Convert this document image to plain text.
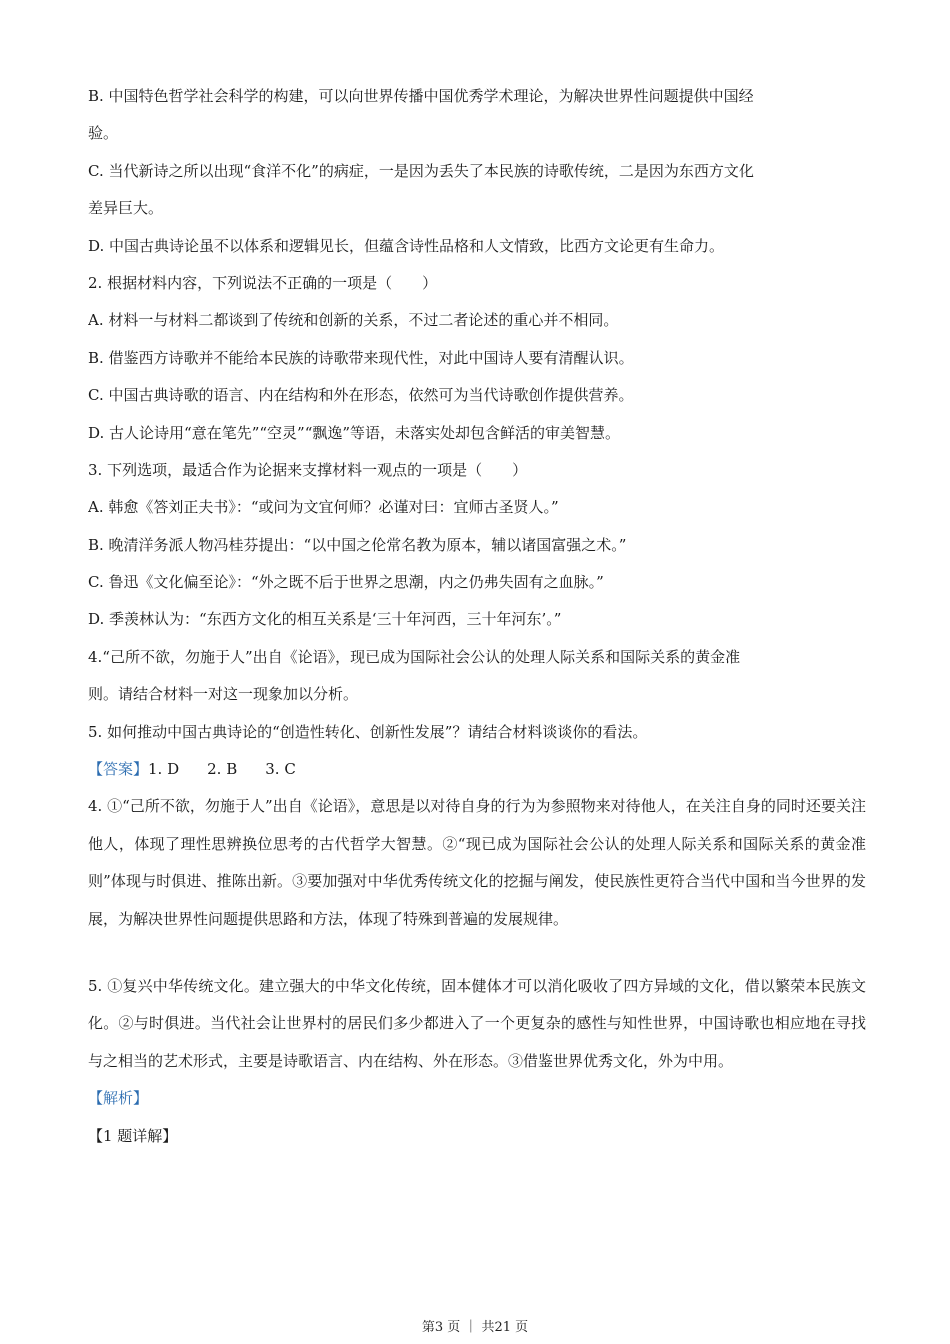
B. 中国特色哲学社会科学的构建，可以向世界传播中国优秀学术理论，为解决世界性问题提供中国经
验。
C. 当代新诗之所以出现“食洋不化”的病症，一是因为丢失了本民族的诗歌传统，二是因为东西方文化
差异巨大。
D. 中国古典诗论虽不以体系和逻辑见长，但蕴含诗性品格和人文情致，比西方文论更有生命力。
2. 根据材料内容，下列说法不正确的一项是（　　）
A. 材料一与材料二都谈到了传统和创新的关系，不过二者论述的重心并不相同。
B. 借鉴西方诗歌并不能给本民族的诗歌带来现代性，对此中国诗人要有清醒认识。
C. 中国古典诗歌的语言、内在结构和外在形态，依然可为当代诗歌创作提供营养。
D. 古人论诗用“意在笔先”“空灵”“飘逸”等语，未落实处却包含鲜活的审美智慧。
3. 下列选项，最适合作为论据来支撑材料一观点的一项是（　　）
A. 韩愈《答刘正夫书》：“或问为文宜何师？必谨对曰：宜师古圣贤人。”
B. 晚清洋务派人物冯桂芬提出：“以中国之伦常名教为原本，辅以诸国富强之术。”
C. 鲁迅《文化偏至论》：“外之既不后于世界之思潮，内之仍弗失固有之血脉。”
D. 季羡林认为：“东西方文化的相互关系是‘三十年河西，三十年河东’。”
4.“己所不欲，勿施于人”出自《论语》，现已成为国际社会公认的处理人际关系和国际关系的黄金准
则。请结合材料一对这一现象加以分析。
5. 如何推动中国古典诗论的“创造性转化、创新性发展”？请结合材料谈谈你的看法。
【答案】1. D 2. B 3. C

4. ①“己所不欲，勿施于人”出自《论语》，意思是以对待自身的行为为参照物来对待他人，在关注自身的同时还要关注他人，体现了理性思辨换位思考的古代哲学大智慧。②“现已成为国际社会公认的处理人际关系和国际关系的黄金准则”体现与时俱进、推陈出新。③要加强对中华优秀传统文化的挖掘与阐发，使民族性更符合当代中国和当今世界的发展，为解决世界性问题提供思路和方法，体现了特殊到普遍的发展规律。

5. ①复兴中华传统文化。建立强大的中华文化传统，固本健体才可以消化吸收了四方异域的文化，借以繁荣本民族文化。②与时俱进。当代社会让世界村的居民们多少都进入了一个更复杂的感性与知性世界，中国诗歌也相应地在寻找与之相当的艺术形式，主要是诗歌语言、内在结构、外在形态。③借鉴世界优秀文化，外为中用。

【解析】
【1 题详解】
第3 页 ｜ 共21 页
